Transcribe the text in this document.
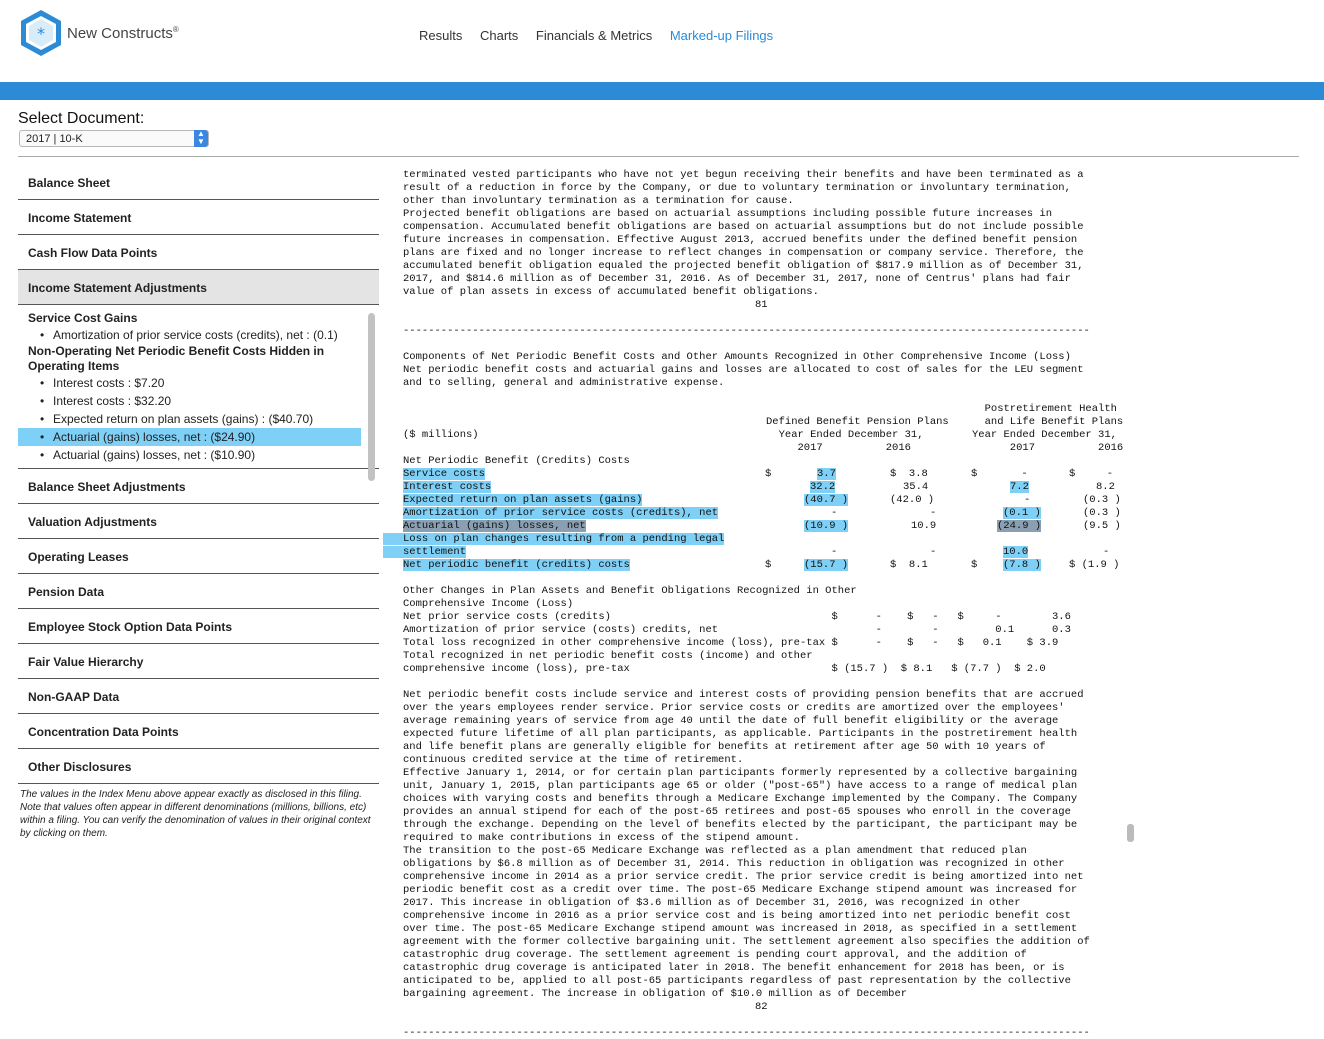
* New Constructs®	Results Charts Financials & Metrics Marked-up Filings
Select Document:
2017 | 10-K	▲
▼
Balance Sheet
Income Statement
Cash Flow Data Points
Income Statement Adjustments
Service Cost Gains
• Amortization of prior service costs (credits), net : (0.1)
Non-Operating Net Periodic Benefit Costs Hidden in Operating Items
• Interest costs : $7.20
• Interest costs : $32.20
• Expected return on plan assets (gains) : ($40.70)
• Actuarial (gains) losses, net : ($24.90)
• Actuarial (gains) losses, net : ($10.90)
Balance Sheet Adjustments
Valuation Adjustments
Operating Leases
Pension Data
Employee Stock Option Data Points
Fair Value Hierarchy
Non-GAAP Data
Concentration Data Points
Other Disclosures
The values in the Index Menu above appear exactly as disclosed in this filing. Note that values often appear in different denominations (millions, billions, etc) within a filing. You can verify the denomination of values in their original context by clicking on them.
terminated vested participants who have not yet begun receiving their benefits and have been terminated as a
result of a reduction in force by the Company, or due to voluntary termination or involuntary termination,
other than involuntary termination as a termination for cause.
Projected benefit obligations are based on actuarial assumptions including possible future increases in
compensation. Accumulated benefit obligations are based on actuarial assumptions but do not include possible
future increases in compensation. Effective August 2013, accrued benefits under the defined benefit pension
plans are fixed and no longer increase to reflect changes in compensation or company service. Therefore, the
accumulated benefit obligation equaled the projected benefit obligation of $817.9 million as of December 31,
2017, and $814.6 million as of December 31, 2016. As of December 31, 2017, none of Centrus' plans had fair
value of plan assets in excess of accumulated benefit obligations.
81
-------------------------------------------------------------------------------------------------------------
Components of Net Periodic Benefit Costs and Other Amounts Recognized in Other Comprehensive Income (Loss)
Net periodic benefit costs and actuarial gains and losses are allocated to cost of sales for the LEU segment
and to selling, general and administrative expense.
Postretirement Health
and Life Benefit Plans
Year Ended December 31,
2017          2016
Defined Benefit Pension Plans
Year Ended December 31,
2017          2016
($ millions)
Net Periodic Benefit (Credits) Costs
Service costs	$	3.7	$  3.8	$       -	$     -
Interest costs	32.2	35.4	7.2	8.2
Expected return on plan assets (gains)	(40.7 )	(42.0 )	-	(0.3 )
Amortization of prior service costs (credits), net	-	-	(0.1 )	(0.3 )
Actuarial (gains) losses, net	(10.9 )	10.9	(24.9 )	(9.5 )
Loss on plan changes resulting from a pending legal
settlement	-	-	10.0	-
Net periodic benefit (credits) costs	$	(15.7 )	$  8.1	$ (7.8 )	$ (1.9 )
Other Changes in Plan Assets and Benefit Obligations Recognized in Other
Comprehensive Income (Loss)
Net prior service costs (credits)                                   $      -    $   -   $     -        3.6
Amortization of prior service (costs) credits, net                         -        -         0.1      0.3
Total loss recognized in other comprehensive income (loss), pre-tax $      -    $   -   $   0.1    $ 3.9
Total recognized in net periodic benefit costs (income) and other
comprehensive income (loss), pre-tax                                $ (15.7 )  $ 8.1   $ (7.7 )  $ 2.0
Net periodic benefit costs include service and interest costs of providing pension benefits that are accrued
over the years employees render service. Prior service costs or credits are amortized over the employees'
average remaining years of service from age 40 until the date of full benefit eligibility or the average
expected future lifetime of all plan participants, as applicable. Participants in the postretirement health
and life benefit plans are generally eligible for benefits at retirement after age 50 with 10 years of
continuous credited service at the time of retirement.
Effective January 1, 2014, or for certain plan participants formerly represented by a collective bargaining
unit, January 1, 2015, plan participants age 65 or older ("post-65") have access to a range of medical plan
choices with varying costs and benefits through a Medicare Exchange implemented by the Company. The Company
provides an annual stipend for each of the post-65 retirees and post-65 spouses who enroll in the coverage
through the exchange. Depending on the level of benefits elected by the participant, the participant may be
required to make contributions in excess of the stipend amount.
The transition to the post-65 Medicare Exchange was reflected as a plan amendment that reduced plan
obligations by $6.8 million as of December 31, 2014. This reduction in obligation was recognized in other
comprehensive income in 2014 as a prior service credit. The prior service credit is being amortized into net
periodic benefit cost as a credit over time. The post-65 Medicare Exchange stipend amount was increased for
2017. This increase in obligation of $3.6 million as of December 31, 2016, was recognized in other
comprehensive income in 2016 as a prior service cost and is being amortized into net periodic benefit cost
over time. The post-65 Medicare Exchange stipend amount was increased in 2018, as specified in a settlement
agreement with the former collective bargaining unit. The settlement agreement also specifies the addition of
catastrophic drug coverage. The settlement agreement is pending court approval, and the addition of
catastrophic drug coverage is anticipated later in 2018. The benefit enhancement for 2018 has been, or is
anticipated to be, applied to all post-65 participants regardless of past representation by the collective
bargaining agreement. The increase in obligation of $10.0 million as of December
82
-------------------------------------------------------------------------------------------------------------
